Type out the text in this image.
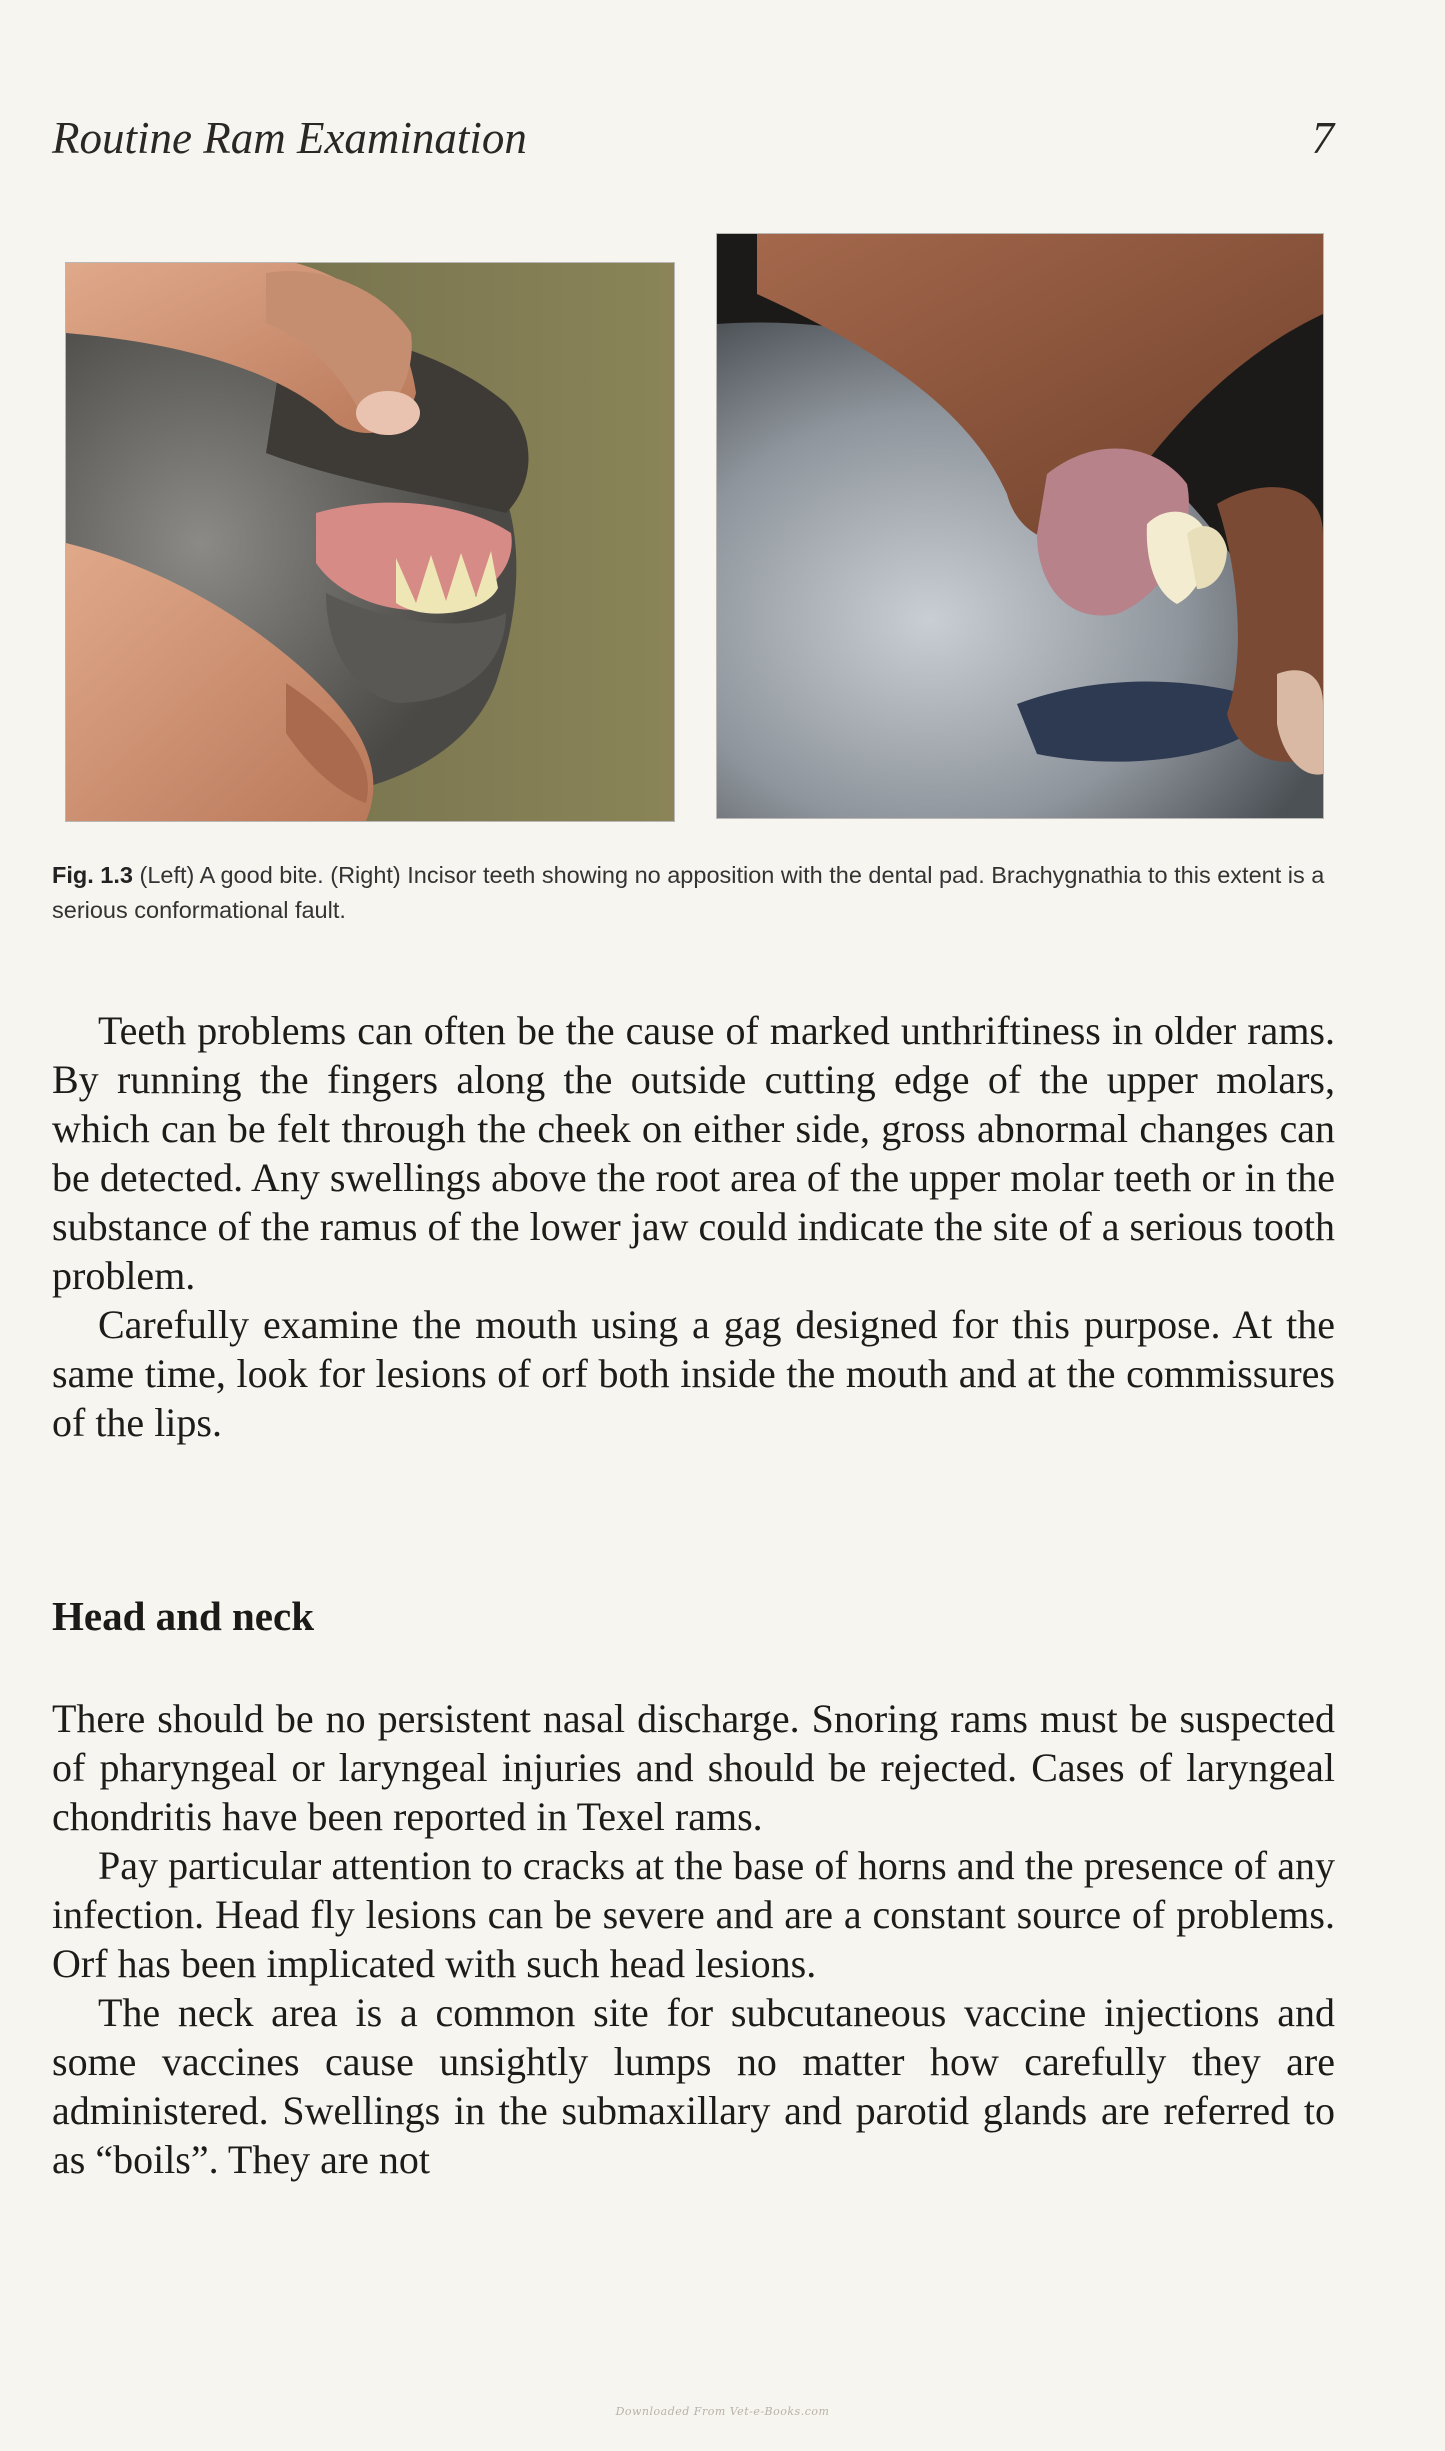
Routine Ram Examination	7
Fig. 1.3 (Left) A good bite. (Right) Incisor teeth showing no apposition with the dental pad. Brachygnathia to this extent is a serious conformational fault.

Teeth problems can often be the cause of marked unthriftiness in older rams. By running the fingers along the outside cutting edge of the upper molars, which can be felt through the cheek on either side, gross abnormal changes can be detected. Any swellings above the root area of the upper molar teeth or in the substance of the ramus of the lower jaw could indicate the site of a serious tooth problem.

Carefully examine the mouth using a gag designed for this purpose. At the same time, look for lesions of orf both inside the mouth and at the commissures of the lips.

Head and neck

There should be no persistent nasal discharge. Snoring rams must be suspected of pharyngeal or laryngeal injuries and should be rejected. Cases of laryngeal chondritis have been reported in Texel rams.

Pay particular attention to cracks at the base of horns and the presence of any infection. Head fly lesions can be severe and are a constant source of problems. Orf has been implicated with such head lesions.

The neck area is a common site for subcutaneous vaccine injections and some vaccines cause unsightly lumps no matter how carefully they are administered. Swellings in the submaxillary and parotid glands are referred to as “boils”. They are not

Downloaded From Vet-e-Books.com
